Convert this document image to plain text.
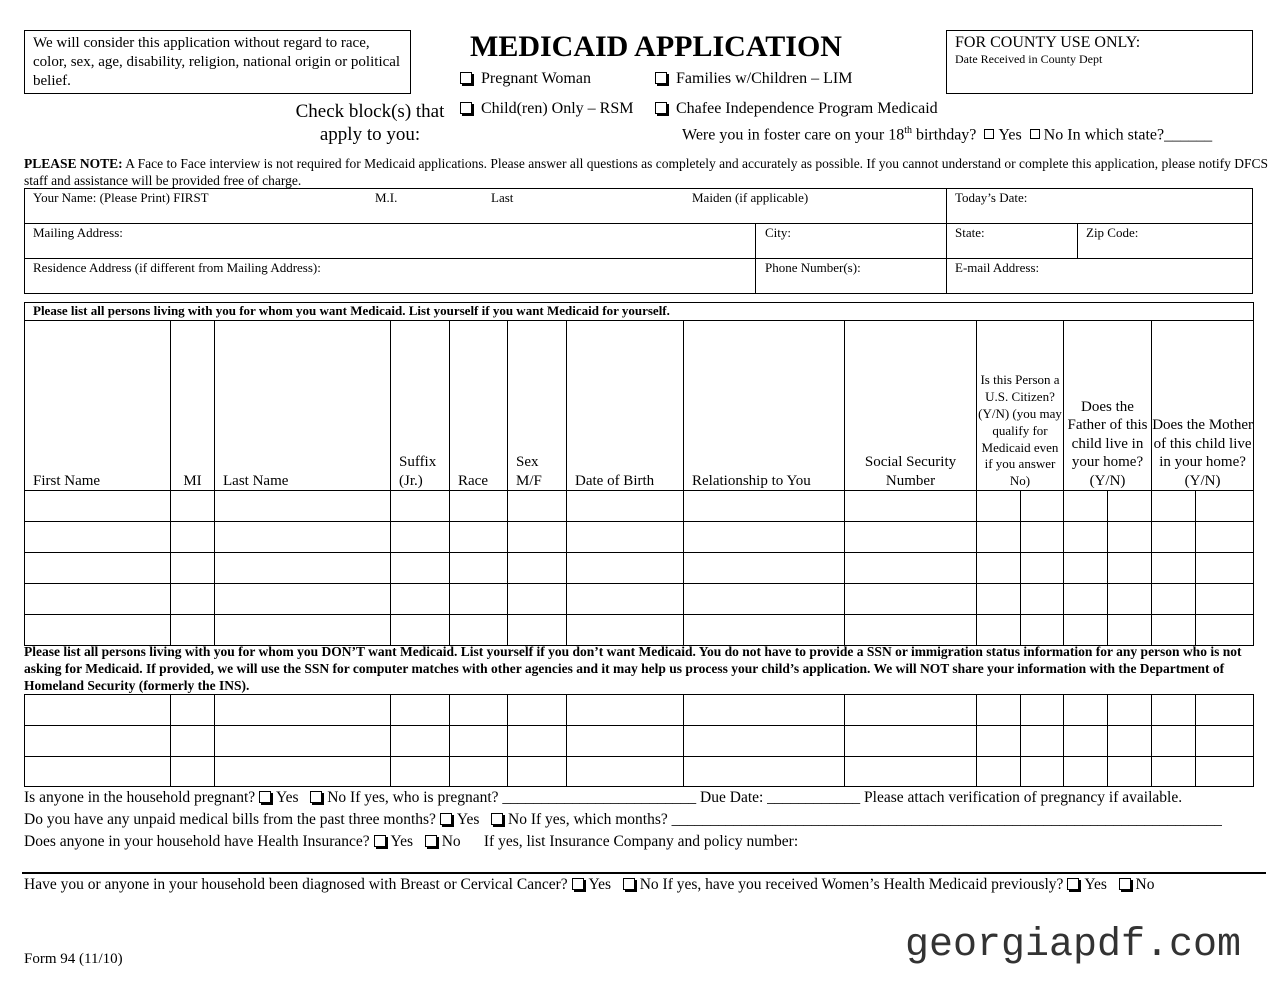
We will consider this application without regard to race, color, sex, age, disability, religion, national origin or political belief.
MEDICAID APPLICATION	FOR COUNTY USE ONLY:
Date Received in County Dept
Pregnant Woman	Families w/Children – LIM
Check block(s) that
apply to you:
Child(ren) Only – RSM	Chafee Independence Program Medicaid
Were you in foster care on your 18th birthday? Yes No In which state?______
PLEASE NOTE: A Face to Face interview is not required for Medicaid applications. Please answer all questions as completely and accurately as possible. If you cannot understand or complete this application, please notify DFCS staff and assistance will be provided free of charge.
Your Name: (Please Print) FIRST	M.I.	Last	Maiden (if applicable)	Today’s Date:
Mailing Address:	City:	State:	Zip Code:
Residence Address (if different from Mailing Address):	Phone Number(s):	E-mail Address:
Please list all persons living with you for whom you want Medicaid. List yourself if you want Medicaid for yourself.														
First Name	MI	Last Name	Suffix (Jr.)	Race	Sex M/F	Date of Birth	Relationship to You	Social Security Number	Is this Person a U.S. Citizen? (Y/N) (you may qualify for Medicaid even if you answer No)		Does the Father of this child live in your home? (Y/N)		Does the Mother of this child live in your home? (Y/N)	

Please list all persons living with you for whom you DON’T want Medicaid. List yourself if you don’t want Medicaid. You do not have to provide a SSN or immigration status information for any person who is not asking for Medicaid. If provided, we will use the SSN for computer matches with other agencies and it may help us process your child’s application. We will NOT share your information with the Department of Homeland Security (formerly the INS).

Is anyone in the household pregnant? Yes No If yes, who is pregnant? _________________________ Due Date: ____________ Please attach verification of pregnancy if available.
Do you have any unpaid medical bills from the past three months? Yes No If yes, which months? _______________________________________________________________________
Does anyone in your household have Health Insurance? Yes No If yes, list Insurance Company and policy number:
Have you or anyone in your household been diagnosed with Breast or Cervical Cancer? Yes No If yes, have you received Women’s Health Medicaid previously? Yes No
Form 94 (11/10)	georgiapdf.com
